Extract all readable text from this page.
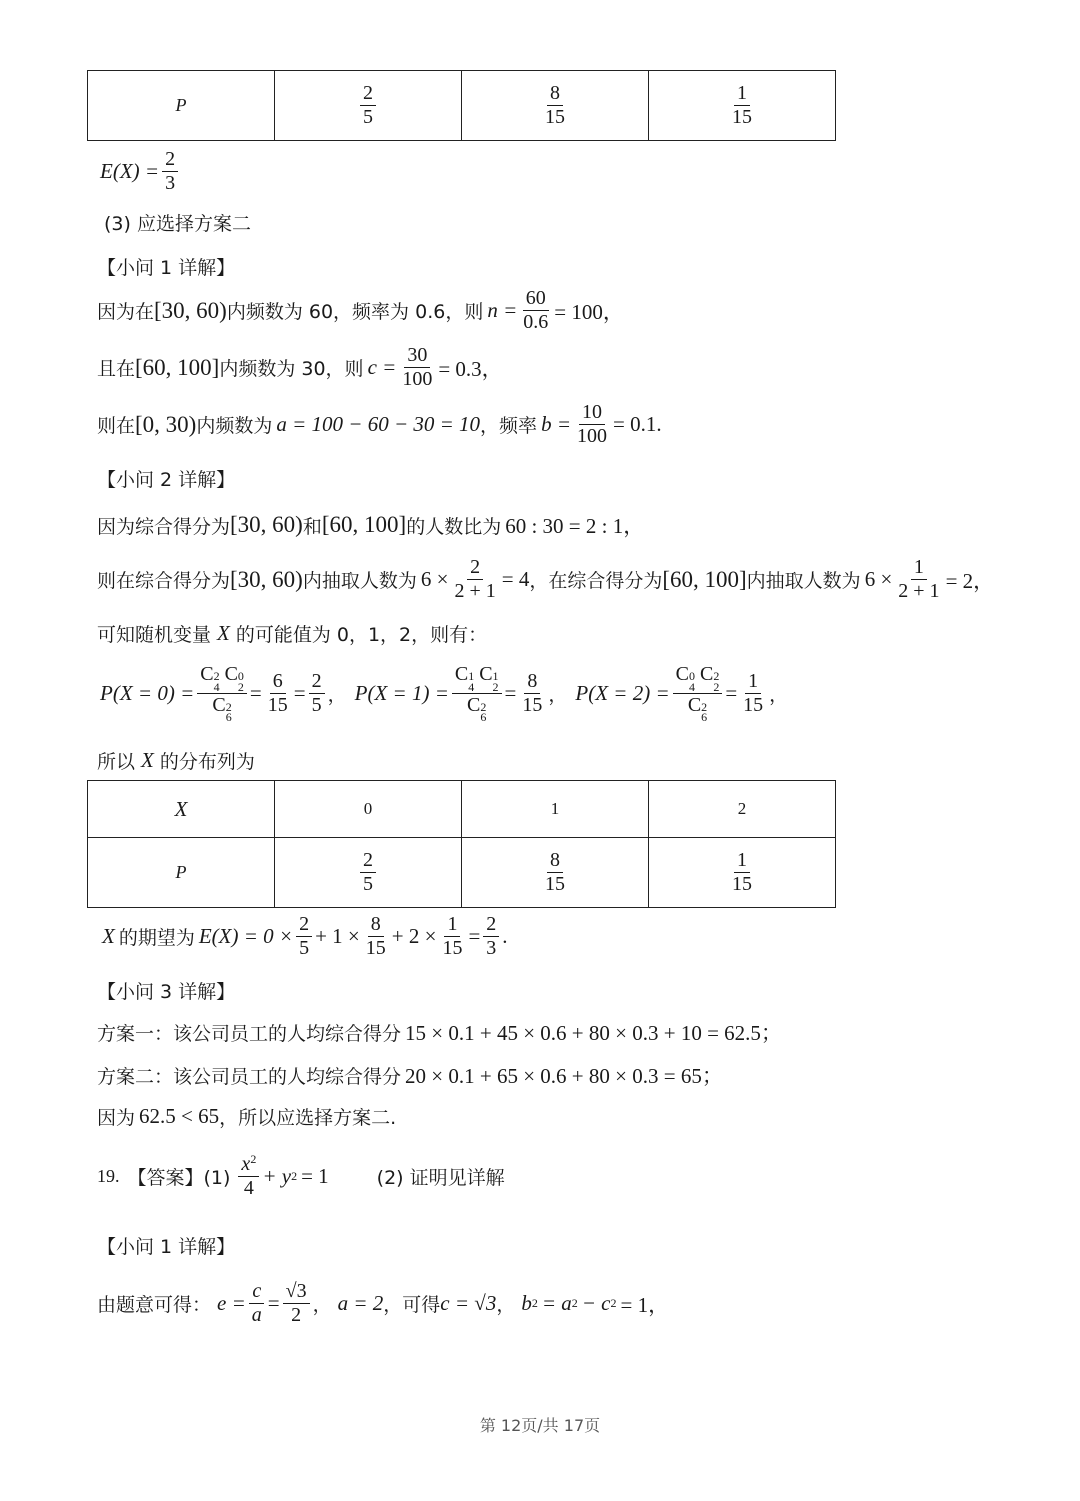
P	$\frac{2}{5}$	$\frac{8}{15}$	$\frac{1}{15}$
$E(X) = \frac{2}{3}$
(3) 应选择方案二
【小问 1 详解】
因为在 [30, 60) 内频数为 60，频率为 0.6，则 $n = \frac{60}{0.6} = 100$，
且在 [60, 100] 内频数为 30，则 $c = \frac{30}{100} = 0.3$，
则在 [0, 30) 内频数为 a = 100 − 60 − 30 = 10 ，频率 $b = \frac{10}{100} = 0.1$.
【小问 2 详解】
因为综合得分为 [30, 60) 和 [60, 100] 的人数比为 60 : 30 = 2 : 1，
则在综合得分为 [30, 60) 内抽取人数为 $6 \times \frac{2}{2 + 1} = 4$ ，在综合得分为 [60, 100] 内抽取人数为 $6 \times \frac{1}{2 + 1} = 2$，
可知随机变量 X 的可能值为 0，1，2，则有：
P(X = 0) = C 2
4

C 0
2
C 2
$6 = \frac{6}{15} = \frac{2}{5}$ ， P(X = 1) = C 1
4

C 1
2
C 2
$6 = \frac{8}{15}$ ， P(X = 2) = C 0
4

C 2
2
C 2
$6 = \frac{1}{15}$ ，
所以 X 的分布列为
X	0	1	2
P	$\frac{2}{5}$	$\frac{8}{15}$	$\frac{1}{15}$
X 的期望为 $E(X) = 0 \times \frac{2}{5} + 1 \times \frac{8}{15} + 2 \times \frac{1}{15} = \frac{2}{3}$ .
【小问 3 详解】
方案一：该公司员工的人均综合得分 15 × 0.1 + 45 × 0.6 + 80 × 0.3 + 10 = 62.5；
方案二：该公司员工的人均综合得分 20 × 0.1 + 65 × 0.6 + 80 × 0.3 = 65；
因为 62.5 < 65 ，所以应选择方案二.
19. 【答案】$(1) \frac{x^2}{4} + y$ 2 = 1	(2) 证明见详解
【小问 1 详解】
由题意可得： $e = \frac{c}{a} = \frac{√3}{2}$ ， a = 2 ，可得 c = √3 ， b 2 = a 2 − c 2 = 1，
第 12页/共 17页
